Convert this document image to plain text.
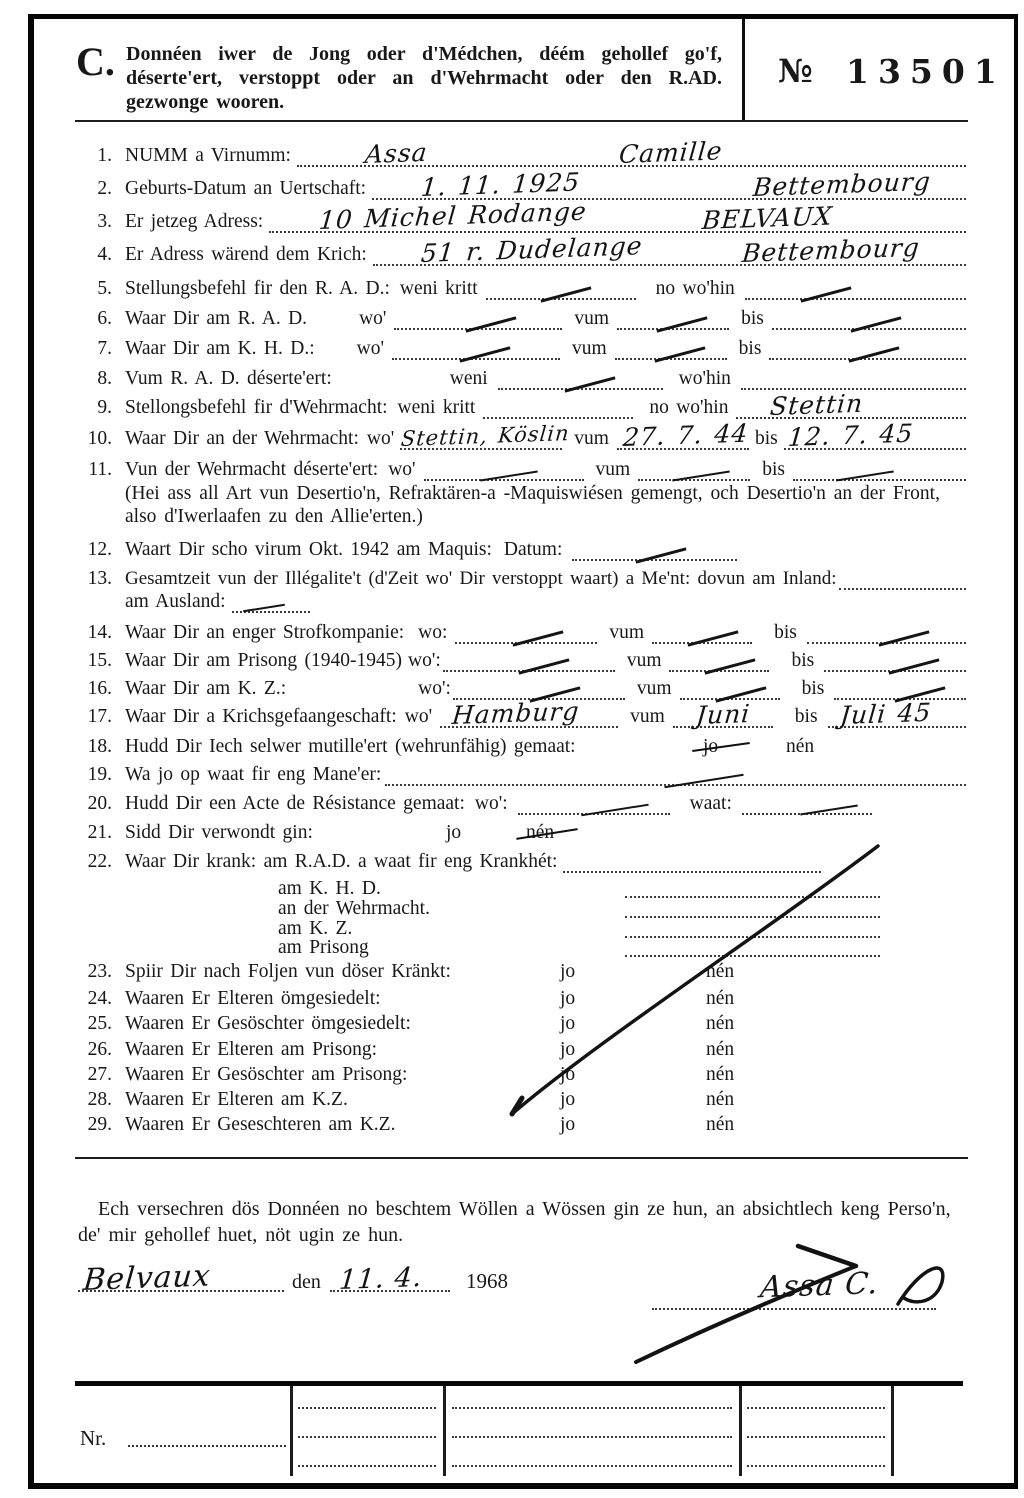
C. Donnéen iwer de Jong oder d'Médchen, déém gehollef go'f, déserte'ert, verstoppt oder an d'Wehrmacht oder den R.AD. gezwonge wooren.
№ 13501
1. NUMM a Virnumm:	Assa	Camille
2. Geburts-Datum an Uertschaft: 1. 11. 1925	Bettembourg
3. Er jetzeg Adress: 10 Michel Rodange	BELVAUX
4. Er Adress wärend dem Krich: 51 r. Dudelange	Bettembourg
5. Stellungsbefehl fir den R. A. D.: weni kritt	no wo'hin
6. Waar Dir am R. A. D.	wo'	vum	bis
7. Waar Dir am K. H. D.: wo'	vum	bis
8. Vum R. A. D. déserte'ert:	weni	wo'hin
9. Stellongsbefehl fir d'Wehrmacht: weni kritt	no wo'hin Stettin
10. Waar Dir an der Wehrmacht: wo' Stettin, Köslin vum 27. 7. 44 bis 12. 7. 45
11. Vun der Wehrmacht déserte'ert: wo'	vum	bis
(Hei ass all Art vun Desertio'n, Refraktären-a -Maquiswiésen gemengt, och Desertio'n an der Front, also d'Iwerlaafen zu den Allie'erten.)
12. Waart Dir scho virum Okt. 1942 am Maquis: Datum:
13. Gesamtzeit vun der Illégalite't (d'Zeit wo' Dir verstoppt waart) a Me'nt: dovun am Inland:
am Ausland:
14. Waar Dir an enger Strofkompanie: wo:	vum	bis
15. Waar Dir am Prisong (1940-1945) wo':	vum	bis
16. Waar Dir am K. Z.:	wo':	vum	bis
17. Waar Dir a Krichsgefaangeschaft: wo' Hamburg	vum Juni bis Juli 45
18. Hudd Dir Iech selwer mutille'ert (wehrunfähig) gemaat:	jo	nén
19. Wa jo op waat fir eng Mane'er:
20. Hudd Dir een Acte de Résistance gemaat: wo':	waat:
21. Sidd Dir verwondt gin:	jo	nén
22. Waar Dir krank: am R.A.D. a waat fir eng Krankhét:
am K. H. D.
an der Wehrmacht.
am K. Z.
am Prisong
23. Spiir Dir nach Foljen vun döser Kränkt:	jo	nén
24. Waaren Er Elteren ömgesiedelt:	jo	nén
25. Waaren Er Gesöschter ömgesiedelt:	jo	nén
26. Waaren Er Elteren am Prisong:	jo	nén
27. Waaren Er Gesöschter am Prisong:	jo	nén
28. Waaren Er Elteren am K.Z.	jo	nén
29. Waaren Er Geseschteren am K.Z.	jo	nén

Ech versechren dös Donnéen no beschtem Wöllen a Wössen gin ze hun, an absichtlech keng Perso'n, de' mir gehollef huet, nöt ugin ze hun.

Belvaux	den 11. 4. 1968	Assa C.
Nr.
